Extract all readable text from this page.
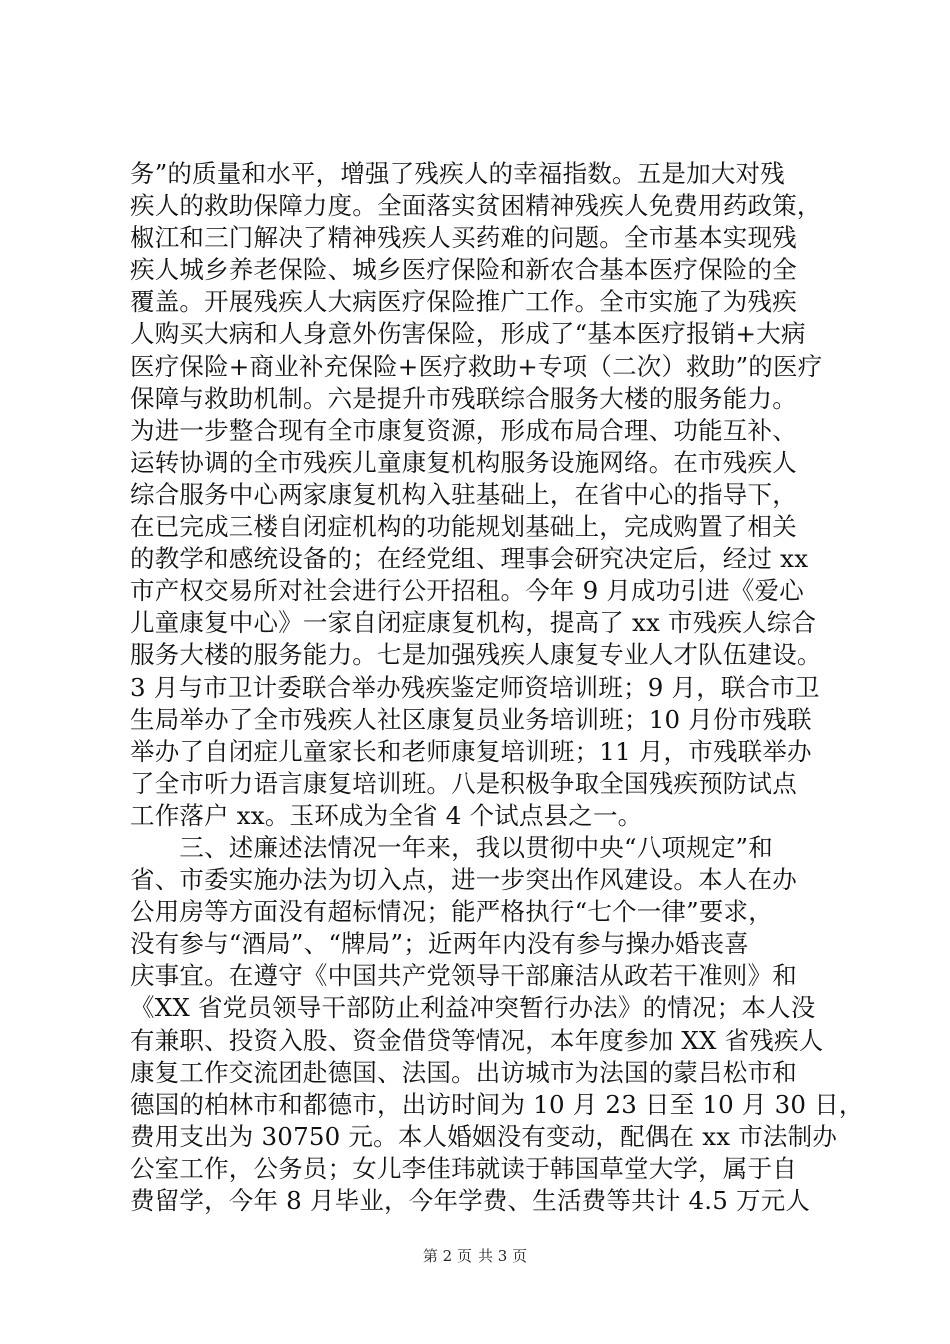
务”的质量和水平，增强了残疾人的幸福指数。五是加大对残
疾人的救助保障力度。全面落实贫困精神残疾人免费用药政策，
椒江和三门解决了精神残疾人买药难的问题。全市基本实现残
疾人城乡养老保险、城乡医疗保险和新农合基本医疗保险的全
覆盖。开展残疾人大病医疗保险推广工作。全市实施了为残疾
人购买大病和人身意外伤害保险，形成了“基本医疗报销+大病
医疗保险+商业补充保险+医疗救助+专项（二次）救助”的医疗
保障与救助机制。六是提升市残联综合服务大楼的服务能力。
为进一步整合现有全市康复资源，形成布局合理、功能互补、
运转协调的全市残疾儿童康复机构服务设施网络。在市残疾人
综合服务中心两家康复机构入驻基础上，在省中心的指导下，
在已完成三楼自闭症机构的功能规划基础上，完成购置了相关
的教学和感统设备的；在经党组、理事会研究决定后，经过 xx
市产权交易所对社会进行公开招租。今年 9 月成功引进《爱心
儿童康复中心》一家自闭症康复机构，提高了 xx 市残疾人综合
服务大楼的服务能力。七是加强残疾人康复专业人才队伍建设。
3 月与市卫计委联合举办残疾鉴定师资培训班；9 月，联合市卫
生局举办了全市残疾人社区康复员业务培训班；10 月份市残联
举办了自闭症儿童家长和老师康复培训班；11 月，市残联举办
了全市听力语言康复培训班。八是积极争取全国残疾预防试点
工作落户 xx。玉环成为全省 4 个试点县之一。
　　三、述廉述法情况一年来，我以贯彻中央“八项规定”和
省、市委实施办法为切入点，进一步突出作风建设。本人在办
公用房等方面没有超标情况；能严格执行“七个一律”要求，
没有参与“酒局”、“牌局”；近两年内没有参与操办婚丧喜
庆事宜。在遵守《中国共产党领导干部廉洁从政若干准则》和
《XX 省党员领导干部防止利益冲突暂行办法》的情况；本人没
有兼职、投资入股、资金借贷等情况，本年度参加 XX 省残疾人
康复工作交流团赴德国、法国。出访城市为法国的蒙吕松市和
德国的柏林市和都德市，出访时间为 10 月 23 日至 10 月 30 日，
费用支出为 30750 元。本人婚姻没有变动，配偶在 xx 市法制办
公室工作，公务员；女儿李佳玮就读于韩国草堂大学，属于自
费留学，今年 8 月毕业，今年学费、生活费等共计 4.5 万元人
第 2 页 共 3 页
